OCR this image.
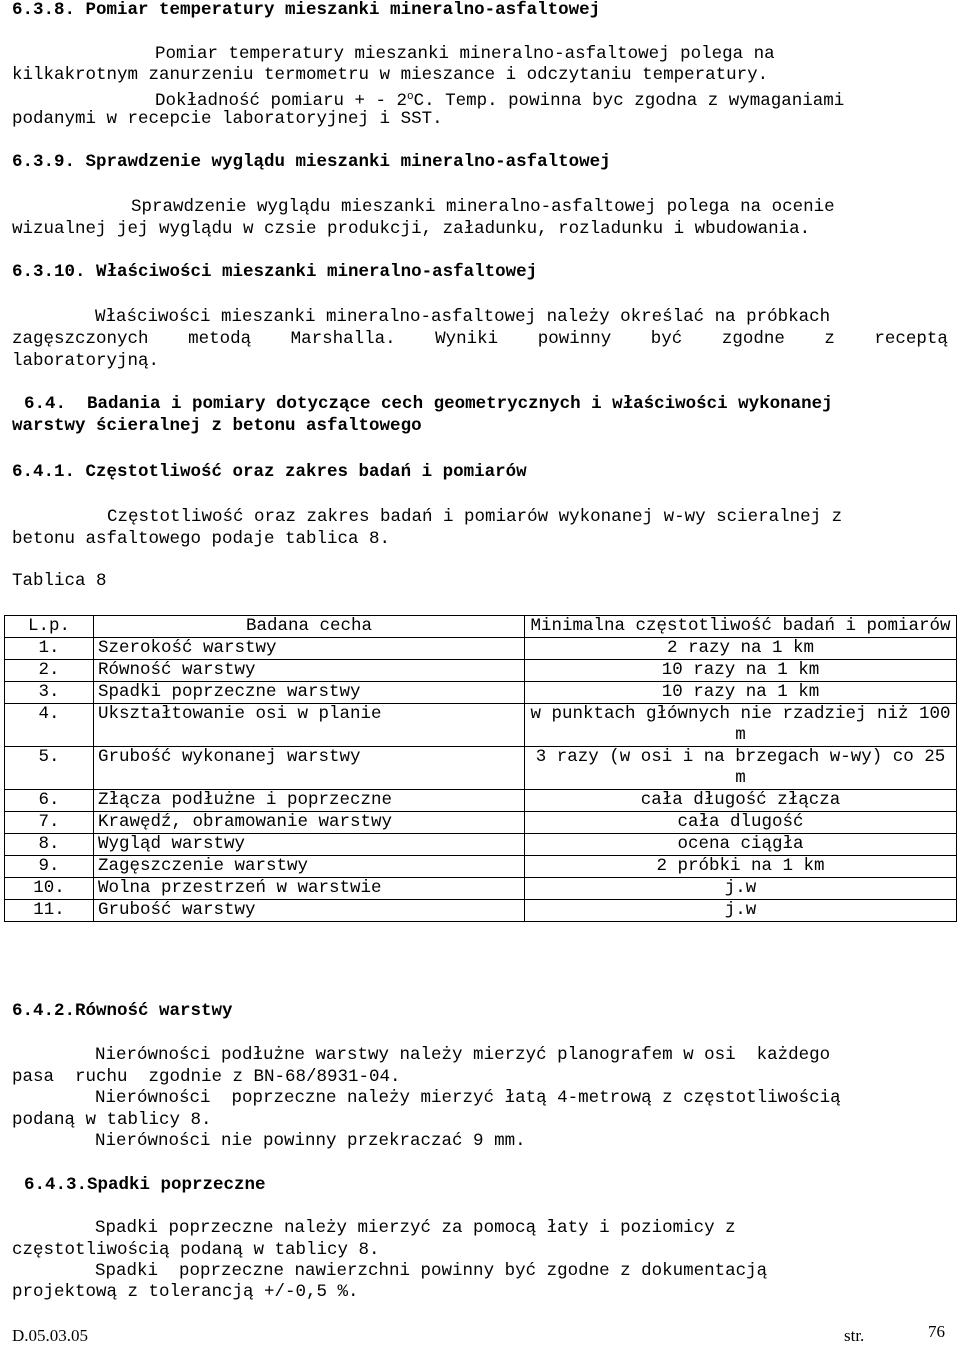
6.3.8. Pomiar temperatury mieszanki mineralno-asfaltowej
Pomiar temperatury mieszanki mineralno-asfaltowej polega na
kilkakrotnym zanurzeniu termometru w mieszance i odczytaniu temperatury.
Dokładność pomiaru + - 2$^o$C. Temp. powinna byc zgodna z wymaganiami
podanymi w recepcie laboratoryjnej i SST.
6.3.9. Sprawdzenie wyglądu mieszanki mineralno-asfaltowej
Sprawdzenie wyglądu mieszanki mineralno-asfaltowej polega na ocenie
wizualnej jej wyglądu w czsie produkcji, załadunku, rozladunku i wbudowania.
6.3.10. Właściwości mieszanki mineralno-asfaltowej
Właściwości mieszanki mineralno-asfaltowej należy określać na próbkach
zagęszczonych metodą Marshalla. Wyniki powinny być zgodne z receptą
laboratoryjną.
6.4.  Badania i pomiary dotyczące cech geometrycznych i właściwości wykonanej
warstwy ścieralnej z betonu asfaltowego
6.4.1. Częstotliwość oraz zakres badań i pomiarów
Częstotliwość oraz zakres badań i pomiarów wykonanej w-wy scieralnej z
betonu asfaltowego podaje tablica 8.
Tablica 8
L.p.	Badana cecha	Minimalna częstotliwość badań i pomiarów
1.	Szerokość warstwy	2 razy na 1 km
2.	Równość warstwy	10 razy na 1 km
3.	Spadki poprzeczne warstwy	10 razy na 1 km
4.	Ukształtowanie osi w planie	w punktach głównych nie rzadziej niż 100 m
5.	Grubość wykonanej warstwy	3 razy (w osi i na brzegach w-wy) co 25 m
6.	Złącza podłużne i poprzeczne	cała długość złącza
7.	Krawędź, obramowanie warstwy	cała dlugość
8.	Wygląd warstwy	ocena ciągła
9.	Zagęszczenie warstwy	2 próbki na 1 km
10.	Wolna przestrzeń w warstwie	j.w
11.	Grubość warstwy	j.w
6.4.2.Równość warstwy
Nierówności podłużne warstwy należy mierzyć planografem w osi  każdego
pasa  ruchu  zgodnie z BN-68/8931-04.
Nierówności  poprzeczne należy mierzyć łatą 4-metrową z częstotliwością
podaną w tablicy 8.
Nierówności nie powinny przekraczać 9 mm.
6.4.3.Spadki poprzeczne
Spadki poprzeczne należy mierzyć za pomocą łaty i poziomicy z
częstotliwością podaną w tablicy 8.
Spadki  poprzeczne nawierzchni powinny być zgodne z dokumentacją
projektową z tolerancją +/-0,5 %.
D.05.03.05	str.	76
